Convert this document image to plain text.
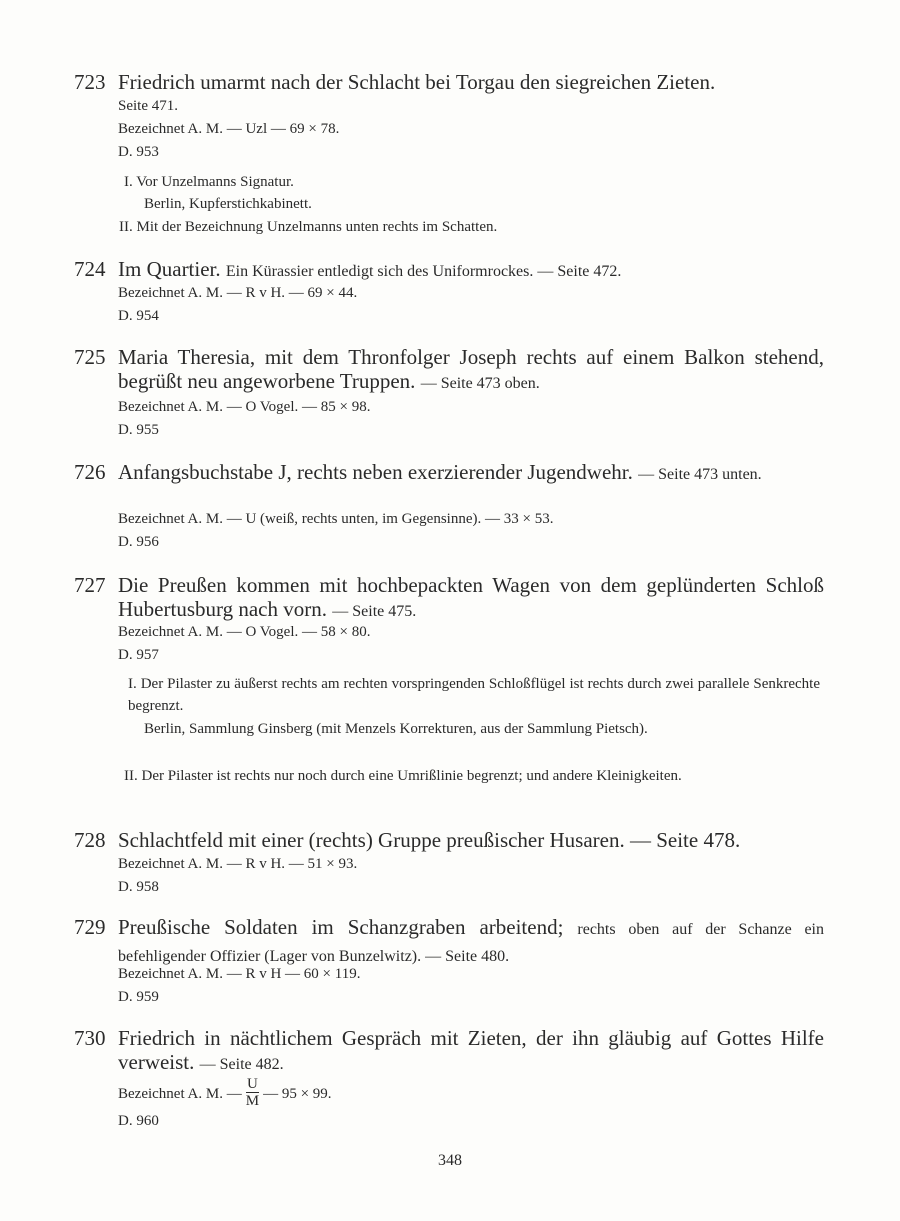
723 Friedrich umarmt nach der Schlacht bei Torgau den siegreichen Zieten.
Seite 471.
Bezeichnet A. M. — Uzl — 69 × 78.
D. 953
I. Vor Unzelmanns Signatur.
Berlin, Kupferstichkabinett.
II. Mit der Bezeichnung Unzelmanns unten rechts im Schatten.
724 Im Quartier. Ein Kürassier entledigt sich des Uniformrockes. — Seite 472.
Bezeichnet A. M. — R v H. — 69 × 44.
D. 954
725 Maria Theresia, mit dem Thronfolger Joseph rechts auf einem Balkon stehend, begrüßt neu angeworbene Truppen. — Seite 473 oben.
Bezeichnet A. M. — O Vogel. — 85 × 98.
D. 955
726 Anfangsbuchstabe J, rechts neben exerzierender Jugendwehr. — Seite 473 unten.
Bezeichnet A. M. — U (weiß, rechts unten, im Gegensinne). — 33 × 53.
D. 956
727 Die Preußen kommen mit hochbepackten Wagen von dem geplünderten Schloß Hubertusburg nach vorn. — Seite 475.
Bezeichnet A. M. — O Vogel. — 58 × 80.
D. 957
I. Der Pilaster zu äußerst rechts am rechten vorspringenden Schloßflügel ist rechts durch zwei parallele Senkrechte begrenzt.
Berlin, Sammlung Ginsberg (mit Menzels Korrekturen, aus der Sammlung Pietsch).
II. Der Pilaster ist rechts nur noch durch eine Umrißlinie begrenzt; und andere Kleinigkeiten.
728 Schlachtfeld mit einer (rechts) Gruppe preußischer Husaren. — Seite 478.
Bezeichnet A. M. — R v H. — 51 × 93.
D. 958
729 Preußische Soldaten im Schanzgraben arbeitend; rechts oben auf der Schanze ein befehligender Offizier (Lager von Bunzelwitz). — Seite 480.
Bezeichnet A. M. — R v H — 60 × 119.
D. 959
730 Friedrich in nächtlichem Gespräch mit Zieten, der ihn gläubig auf Gottes Hilfe verweist. — Seite 482.
Bezeichnet A. M. — $\frac{U}{M}$ — 95 × 99.
D. 960
348
